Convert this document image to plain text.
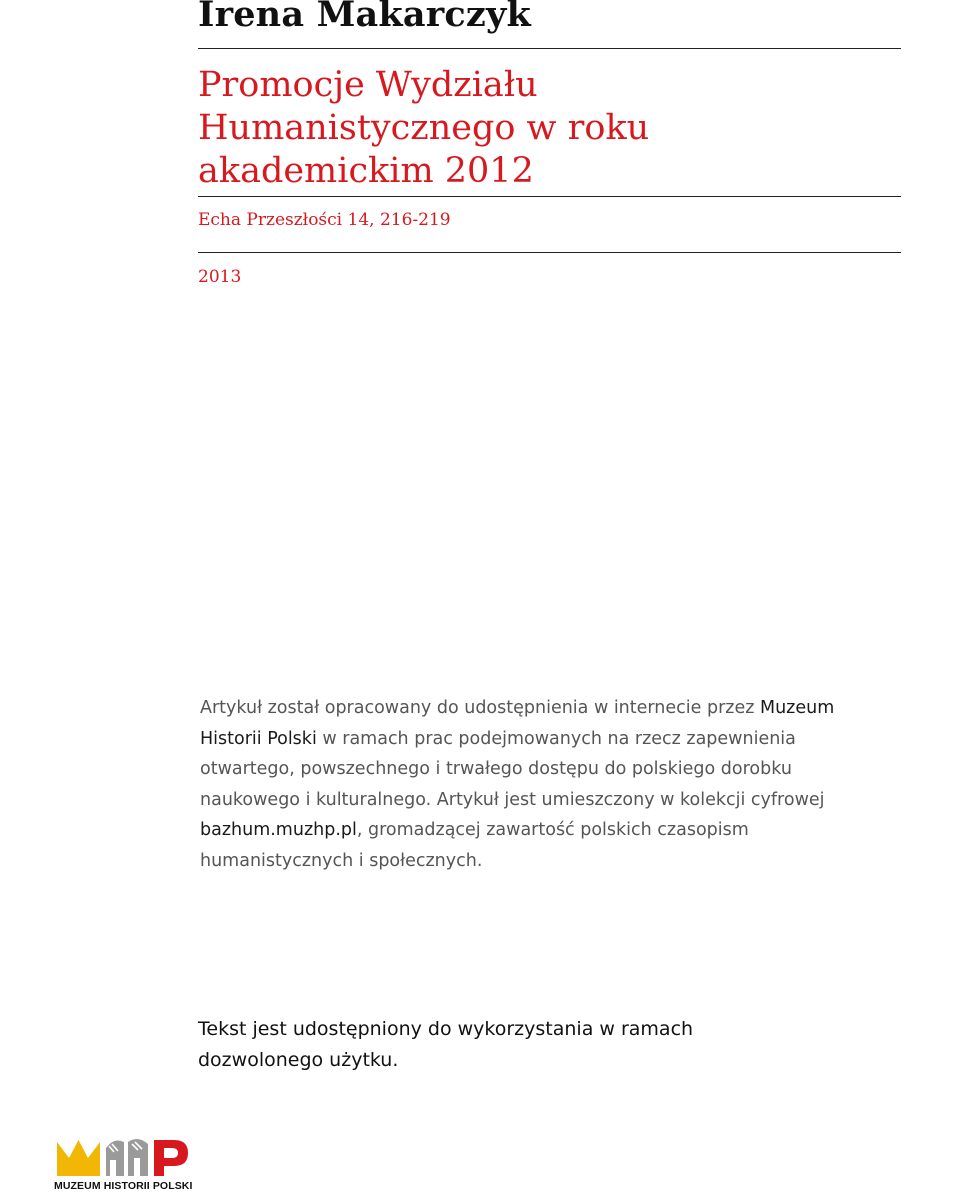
Irena Makarczyk
Promocje Wydziału Humanistycznego w roku akademickim 2012

Echa Przeszłości 14, 216-219

2013

Artykuł został opracowany do udostępnienia w internecie przez Muzeum Historii Polski w ramach prac podejmowanych na rzecz zapewnienia otwartego, powszechnego i trwałego dostępu do polskiego dorobku naukowego i kulturalnego. Artykuł jest umieszczony w kolekcji cyfrowej bazhum.muzhp.pl, gromadzącej zawartość polskich czasopism humanistycznych i społecznych.

Tekst jest udostępniony do wykorzystania w ramach dozwolonego użytku.

MUZEUM HISTORII POLSKI
